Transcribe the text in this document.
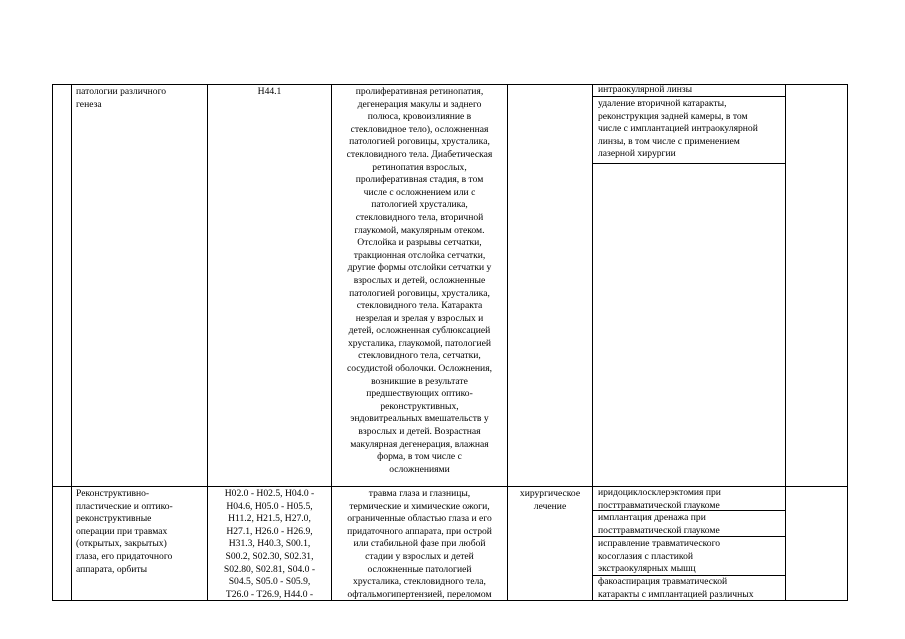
патологии различного
генеза
H44.1	пролиферативная ретинопатия,
дегенерация макулы и заднего
полюса, кровоизлияние в
стекловидное тело), осложненная
патологией роговицы, хрусталика,
стекловидного тела. Диабетическая
ретинопатия взрослых,
пролиферативная стадия, в том
числе с осложнением или с
патологией хрусталика,
стекловидного тела, вторичной
глаукомой, макулярным отеком.
Отслойка и разрывы сетчатки,
тракционная отслойка сетчатки,
другие формы отслойки сетчатки у
взрослых и детей, осложненные
патологией роговицы, хрусталика,
стекловидного тела. Катаракта
незрелая и зрелая у взрослых и
детей, осложненная сублюксацией
хрусталика, глаукомой, патологией
стекловидного тела, сетчатки,
сосудистой оболочки. Осложнения,
возникшие в результате
предшествующих оптико-
реконструктивных,
эндовитреальных вмешательств у
взрослых и детей. Возрастная
макулярная дегенерация, влажная
форма, в том числе с
осложнениями
интраокулярной линзы
удаление вторичной катаракты,
реконструкция задней камеры, в том
числе с имплантацией интраокулярной
линзы, в том числе с применением
лазерной хирургии
Реконструктивно-
пластические и оптико-
реконструктивные
операции при травмах
(открытых, закрытых)
глаза, его придаточного
аппарата, орбиты
H02.0 - H02.5, H04.0 -
H04.6, H05.0 - H05.5,
H11.2, H21.5, H27.0,
H27.1, H26.0 - H26.9,
H31.3, H40.3, S00.1,
S00.2, S02.30, S02.31,
S02.80, S02.81, S04.0 -
S04.5, S05.0 - S05.9,
T26.0 - T26.9, H44.0 -
травма глаза и глазницы,
термические и химические ожоги,
ограниченные областью глаза и его
придаточного аппарата, при острой
или стабильной фазе при любой
стадии у взрослых и детей
осложненные патологией
хрусталика, стекловидного тела,
офтальмогипертензией, переломом
хирургическое
лечение
иридоциклосклерэктомия при
посттравматической глаукоме
имплантация дренажа при
посттравматической глаукоме
исправление травматического
косоглазия с пластикой
экстраокулярных мышц
факоаспирация травматической
катаракты с имплантацией различных
